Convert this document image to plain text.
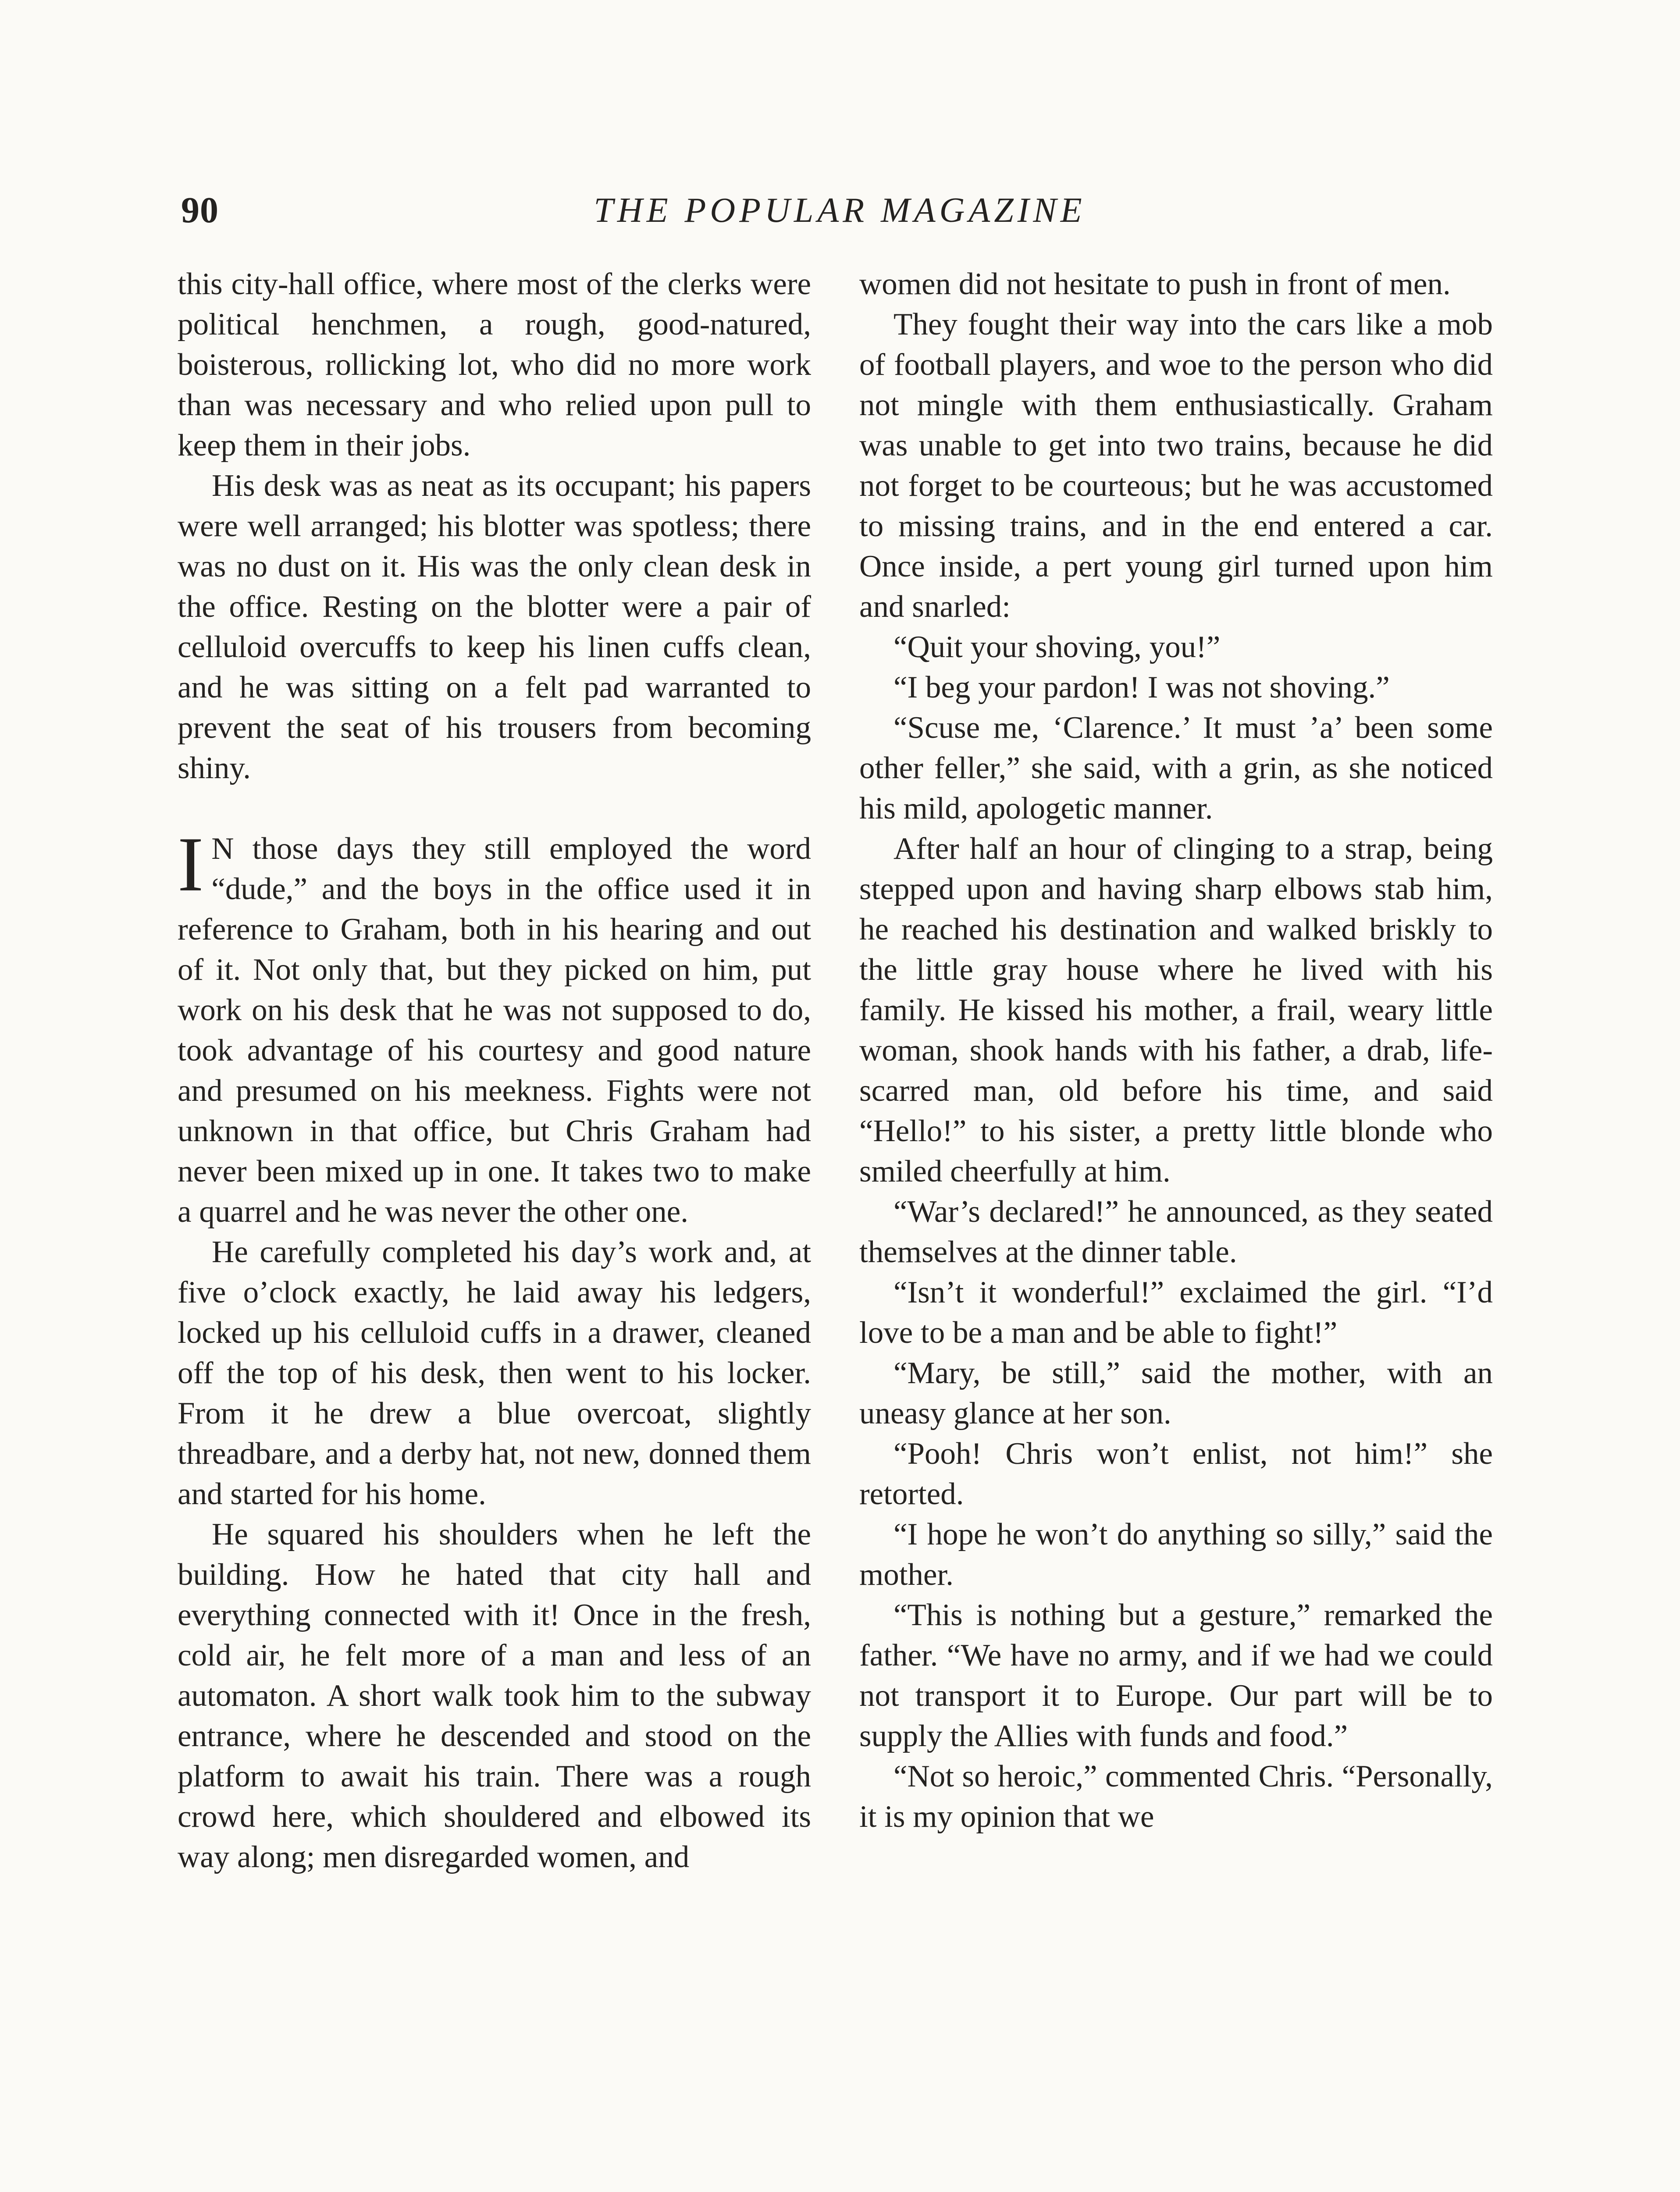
90	THE POPULAR MAGAZINE

this city-hall office, where most of the clerks were political henchmen, a rough, good-natured, boisterous, rollicking lot, who did no more work than was necessary and who relied upon pull to keep them in their jobs.

His desk was as neat as its occupant; his papers were well arranged; his blotter was spotless; there was no dust on it. His was the only clean desk in the office. Resting on the blotter were a pair of celluloid overcuffs to keep his linen cuffs clean, and he was sitting on a felt pad warranted to prevent the seat of his trousers from becoming shiny.

I N those days they still employed the word “dude,” and the boys in the office used it in reference to Graham, both in his hearing and out of it. Not only that, but they picked on him, put work on his desk that he was not supposed to do, took advantage of his courtesy and good nature and presumed on his meekness. Fights were not unknown in that office, but Chris Graham had never been mixed up in one. It takes two to make a quarrel and he was never the other one.

He carefully completed his day’s work and, at five o’clock exactly, he laid away his ledgers, locked up his celluloid cuffs in a drawer, cleaned off the top of his desk, then went to his locker. From it he drew a blue overcoat, slightly threadbare, and a derby hat, not new, donned them and started for his home.

He squared his shoulders when he left the building. How he hated that city hall and everything connected with it! Once in the fresh, cold air, he felt more of a man and less of an automaton. A short walk took him to the subway entrance, where he descended and stood on the platform to await his train. There was a rough crowd here, which shouldered and elbowed its way along; men disregarded women, and

women did not hesitate to push in front of men.

They fought their way into the cars like a mob of football players, and woe to the person who did not mingle with them enthusiastically. Graham was unable to get into two trains, because he did not forget to be courteous; but he was accustomed to missing trains, and in the end entered a car. Once inside, a pert young girl turned upon him and snarled:

“Quit your shoving, you!”

“I beg your pardon! I was not shoving.”

“Scuse me, ‘Clarence.’ It must ’a’ been some other feller,” she said, with a grin, as she noticed his mild, apologetic manner.

After half an hour of clinging to a strap, being stepped upon and having sharp elbows stab him, he reached his destination and walked briskly to the little gray house where he lived with his family. He kissed his mother, a frail, weary little woman, shook hands with his father, a drab, life-scarred man, old before his time, and said “Hello!” to his sister, a pretty little blonde who smiled cheerfully at him.

“War’s declared!” he announced, as they seated themselves at the dinner table.

“Isn’t it wonderful!” exclaimed the girl. “I’d love to be a man and be able to fight!”

“Mary, be still,” said the mother, with an uneasy glance at her son.

“Pooh! Chris won’t enlist, not him!” she retorted.

“I hope he won’t do anything so silly,” said the mother.

“This is nothing but a gesture,” remarked the father. “We have no army, and if we had we could not transport it to Europe. Our part will be to supply the Allies with funds and food.”

“Not so heroic,” commented Chris. “Personally, it is my opinion that we
